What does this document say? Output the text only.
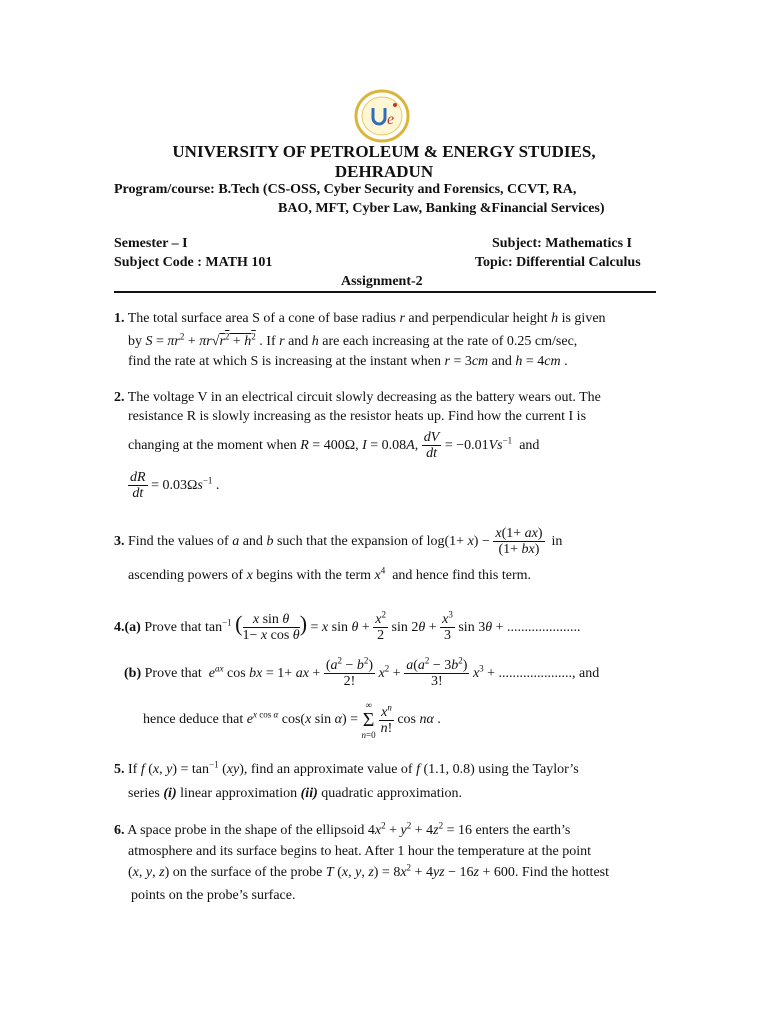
e
UNIVERSITY OF PETROLEUM & ENERGY STUDIES,
DEHRADUN
Program/course: B.Tech (CS-OSS, Cyber Security and Forensics, CCVT, RA,
BAO, MFT, Cyber Law, Banking &Financial Services)
Semester – I	Subject: Mathematics I
Subject Code : MATH 101	Topic: Differential Calculus
Assignment-2
1. The total surface area S of a cone of base radius r and perpendicular height h is given
by $S = \pi r^2 + \pi r√r^2 + h^2$ . If r and h are each increasing at the rate of 0.25 cm/sec,
find the rate at which S is increasing at the instant when r = 3cm and h = 4cm .
2. The voltage V in an electrical circuit slowly decreasing as the battery wears out. The
resistance R is slowly increasing as the resistor heats up. Find how the current I is
changing at the moment when R = 400Ω, I = 0.08A, $\frac{dV}{dt} = -0.01Vs^{-1}$ and
$\frac{dR}{dt} = 0.03\Omega s^{-1}$ .
3. Find the values of a and b such that the expansion of $\log(1+ x) - \frac{x(1+ ax)}{(1+ bx)}$ in
ascending powers of x begins with the term $x^4$ and hence find this term.
4.(a) Prove that $\tan^{-1}$ ( $\frac{\text{x sin θ}}{\text{1− x cos θ}}$ ) = x $\sin \theta + \frac{x^2}{2}$ $\sin 2\theta + \frac{x^3}{3}$ sin 3θ + .....................
(b) Prove that $e^{ax}$ cos bx = 1+ ax + $\frac{(a^2 - b^2)}{2!} x^2 + \frac{a(a^2 - 3b^2)}{3!} x^3$ + ....................., and
hence deduce that $e^x$ $^{cos}$ $^\alpha$ cos(x sin α) =
∞
Σ
n=0
$\frac{x^n}{n!}$ cos nα .
5. If f (x, $y) = \tan^{-1} (xy)$, find an approximate value of f (1.1, 0.8) using the Taylor’s
series (i) linear approximation (ii) quadratic approximation.
6. A space probe in the shape of the ellipsoid $4x^2 + y^2 + 4z^2 = 16$ enters the earth’s
atmosphere and its surface begins to heat. After 1 hour the temperature at the point
(x, y, z) on the surface of the probe T (x, y, $z) = 8x^2 + 4yz - 16z + 600$. Find the hottest
points on the probe’s surface.
